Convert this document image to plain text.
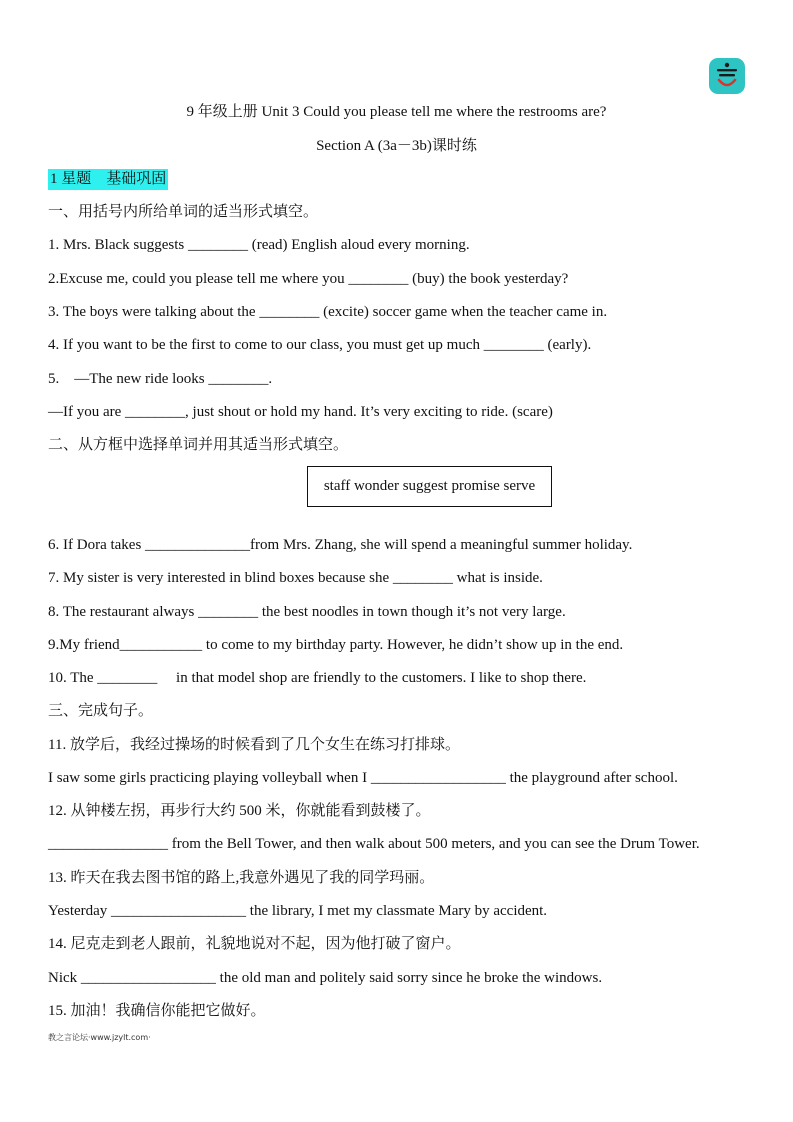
9 年级上册 Unit 3 Could you please tell me where the restrooms are?
Section A (3a－3b)课时练
1 星题　基础巩固
一、用括号内所给单词的适当形式填空。
1. Mrs. Black suggests ________ (read) English aloud every morning.
2.Excuse me, could you please tell me where you ________ (buy) the book yesterday?
3. The boys were talking about the ________ (excite) soccer game when the teacher came in.
4. If you want to be the first to come to our class, you must get up much ________ (early).
5.　—The new ride looks ________.
—If you are ________, just shout or hold my hand. It’s very exciting to ride. (scare)
二、从方框中选择单词并用其适当形式填空。
staff wonder suggest promise serve
6. If Dora takes ______________from Mrs. Zhang, she will spend a meaningful summer holiday.
7. My sister is very interested in blind boxes because she ________ what is inside.
8. The restaurant always ________ the best noodles in town though it’s not very large.
9.My friend___________ to come to my birthday party. However, he didn’t show up in the end.
10. The ________　 in that model shop are friendly to the customers. I like to shop there.
三、完成句子。
11. 放学后，我经过操场的时候看到了几个女生在练习打排球。
I saw some girls practicing playing volleyball when I __________________ the playground after school.
12. 从钟楼左拐，再步行大约 500 米，你就能看到鼓楼了。
________________ from the Bell Tower, and then walk about 500 meters, and you can see the Drum Tower.
13. 昨天在我去图书馆的路上,我意外遇见了我的同学玛丽。
Yesterday __________________ the library, I met my classmate Mary by accident.
14. 尼克走到老人跟前，礼貌地说对不起，因为他打破了窗户。
Nick __________________ the old man and politely said sorry since he broke the windows.
15. 加油！我确信你能把它做好。
教之言论坛·www.jzylt.com·
